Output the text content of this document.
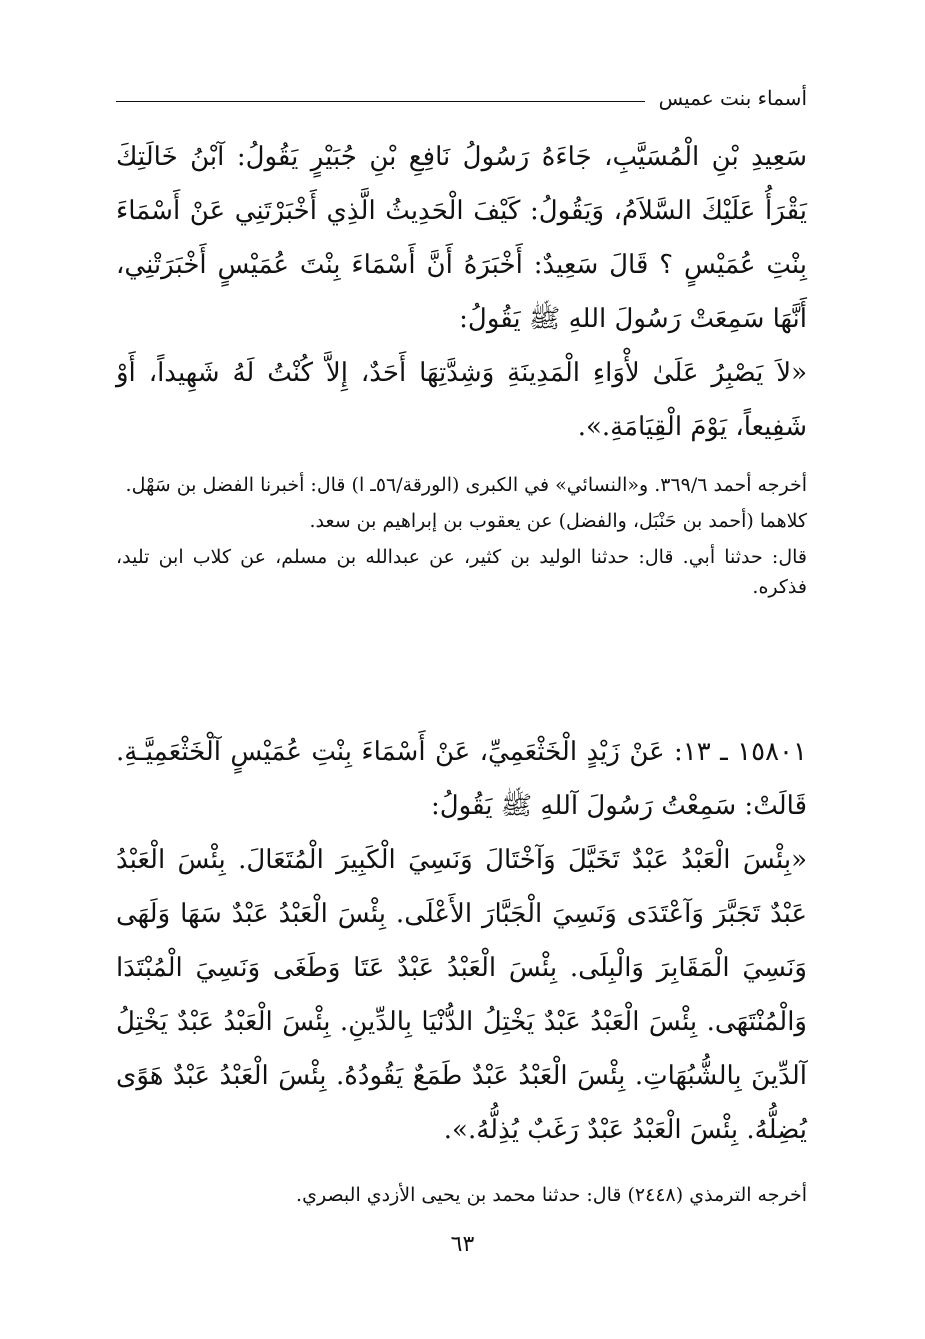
أسماء بنت عميس

سَعِيدِ بْنِ الْمُسَيَّبِ، جَاءَهُ رَسُولُ نَافِعِ بْنِ جُبَيْرٍ يَقُولُ: آبْنُ خَالَتِكَ يَقْرَأُ عَلَيْكَ السَّلاَمُ، وَيَقُولُ: كَيْفَ الْحَدِيثُ الَّذِي أَخْبَرْتَنِي عَنْ أَسْمَاءَ بِنْتِ عُمَيْسٍ ؟ قَالَ سَعِيدٌ: أَخْبَرَهُ أَنَّ أَسْمَاءَ بِنْتَ عُمَيْسٍ أَخْبَرَتْنِي، أَنَّهَا سَمِعَتْ رَسُولَ اللهِ ﷺ يَقُولُ:

«لاَ يَصْبِرُ عَلَىٰ لأْوَاءِ الْمَدِينَةِ وَشِدَّتِهَا أَحَدٌ، إِلاَّ كُنْتُ لَهُ شَهِيداً، أَوْ شَفِيعاً، يَوْمَ الْقِيَامَةِ.».

أخرجه أحمد ٣٦٩/٦. و«النسائي» في الكبرى (الورقة/٥٦ـ ا) قال: أخبرنا الفضل بن سَهْل.

كلاهما (أحمد بن حَنْبَل، والفضل) عن يعقوب بن إبراهيم بن سعد.

قال: حدثنا أبي. قال: حدثنا الوليد بن كثير، عن عبدالله بن مسلم، عن كلاب ابن تليد، فذكره.

١٥٨٠١ ـ ١٣: عَنْ زَيْدٍ الْخَثْعَمِيِّ، عَنْ أَسْمَاءَ بِنْتِ عُمَيْسٍ آلْخَثْعَمِيَّـةِ. قَالَتْ: سَمِعْتُ رَسُولَ آللهِ ﷺ يَقُولُ:

«بِئْسَ الْعَبْدُ عَبْدٌ تَخَيَّلَ وَآخْتَالَ وَنَسِيَ الْكَبِيرَ الْمُتَعَالَ. بِئْسَ الْعَبْدُ عَبْدٌ تَجَبَّرَ وَآعْتَدَى وَنَسِيَ الْجَبَّارَ الأَعْلَى. بِئْسَ الْعَبْدُ عَبْدٌ سَهَا وَلَهَى وَنَسِيَ الْمَقَابِرَ وَالْبِلَى. بِئْسَ الْعَبْدُ عَبْدٌ عَتَا وَطَغَى وَنَسِيَ الْمُبْتَدَا وَالْمُنْتَهَى. بِئْسَ الْعَبْدُ عَبْدٌ يَخْتِلُ الدُّنْيَا بِالدِّينِ. بِئْسَ الْعَبْدُ عَبْدٌ يَخْتِلُ آلدِّينَ بِالشُّبُهَاتِ. بِئْسَ الْعَبْدُ عَبْدٌ طَمَعٌ يَقُودُهُ. بِئْسَ الْعَبْدُ عَبْدٌ هَوًى يُضِلُّهُ. بِئْسَ الْعَبْدُ عَبْدٌ رَغَبٌ يُذِلُّهُ.».

أخرجه الترمذي (٢٤٤٨) قال: حدثنا محمد بن يحيى الأزدي البصري.

٦٣
